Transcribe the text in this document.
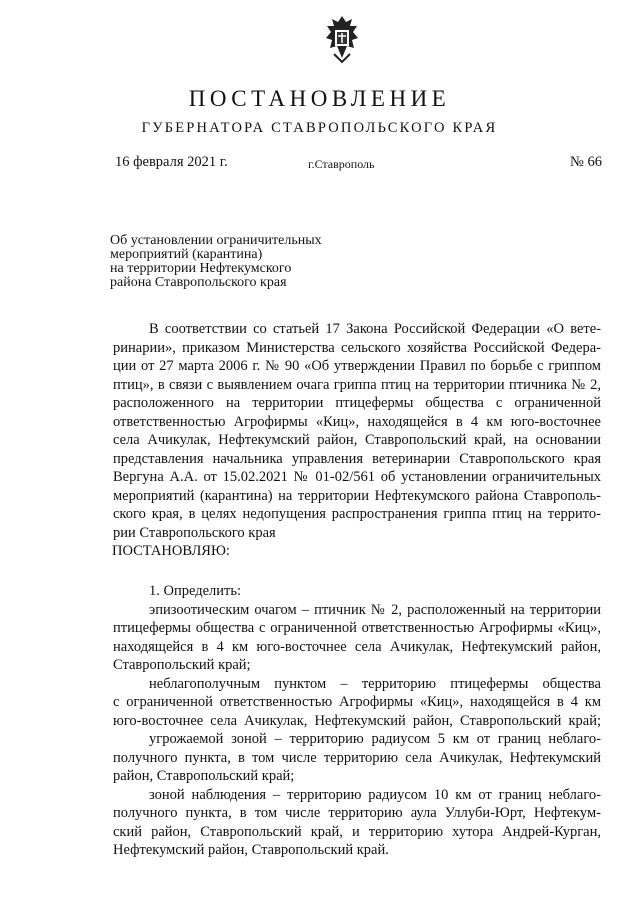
ПОСТАНОВЛЕНИЕ
ГУБЕРНАТОРА СТАВРОПОЛЬСКОГО КРАЯ
16 февраля 2021 г.	г.Ставрополь	№ 66
Об установлении ограничительных
мероприятий (карантина)
на территории Нефтекумского
района Ставропольского края
В соответствии со статьей 17 Закона Российской Федерации «О вете-
ринарии», приказом Министерства сельского хозяйства Российской Федера-
ции от 27 марта 2006 г. № 90 «Об утверждении Правил по борьбе с гриппом
птиц», в связи с выявлением очага гриппа птиц на территории птичника № 2,
расположенного на территории птицефермы общества с ограниченной
ответственностью Агрофирмы «Киц», находящейся в 4 км юго-восточнее
села Ачикулак, Нефтекумский район, Ставропольский край, на основании
представления начальника управления ветеринарии Ставропольского края
Вергуна А.А. от 15.02.2021 № 01-02/561 об установлении ограничительных
мероприятий (карантина) на территории Нефтекумского района Ставрополь-
ского края, в целях недопущения распространения гриппа птиц на террито-
рии Ставропольского края
ПОСТАНОВЛЯЮ:
1. Определить:
эпизоотическим очагом – птичник № 2, расположенный на территории
птицефермы общества с ограниченной ответственностью Агрофирмы «Киц»,
находящейся в 4 км юго-восточнее села Ачикулак, Нефтекумский район,
Ставропольский край;
неблагополучным пунктом – территорию птицефермы общества
с ограниченной ответственностью Агрофирмы «Киц», находящейся в 4 км
юго-восточнее села Ачикулак, Нефтекумский район, Ставропольский край;
угрожаемой зоной – территорию радиусом 5 км от границ неблаго-
получного пункта, в том числе территорию села Ачикулак, Нефтекумский
район, Ставропольский край;
зоной наблюдения – территорию радиусом 10 км от границ неблаго-
получного пункта, в том числе территорию аула Уллуби-Юрт, Нефтекум-
ский район, Ставропольский край, и территорию хутора Андрей-Курган,
Нефтекумский район, Ставропольский край.
